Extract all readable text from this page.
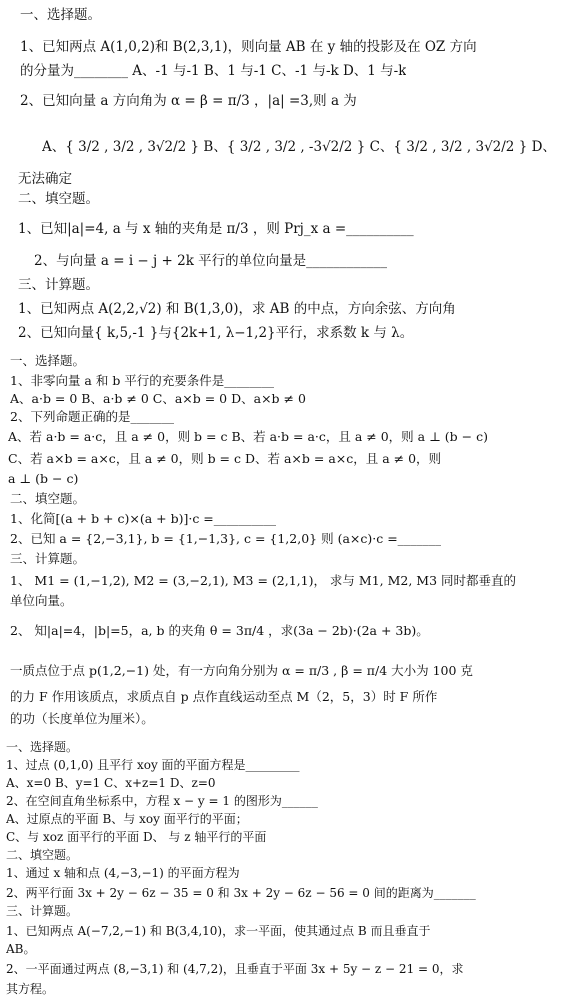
一、选择题。
1、已知两点 A(1,0,2)和 B(2,3,1)，则向量 AB 在 y 轴的投影及在 OZ 方向
的分量为________ A、-1 与-1 B、1 与-1 C、-1 与-k D、1 与-k
2、已知向量 a 方向角为 α = β = π/3 ，|a| =3,则 a 为
A、{ 3/2 , 3/2 , 3√2/2 } B、{ 3/2 , 3/2 , -3√2/2 } C、{ 3/2 , 3/2 , 3√2/2 } D、
无法确定
二、填空题。
1、已知|a|=4, a 与 x 轴的夹角是 π/3 ，则 Prj_x a =__________
2、与向量 a = i − j + 2k 平行的单位向量是____________
三、计算题。
1、已知两点 A(2,2,√2) 和 B(1,3,0)，求 AB 的中点，方向余弦、方向角
2、已知向量{ k,5,-1 }与{2k+1, λ−1,2}平行，求系数 k 与 λ。
一、选择题。
1、非零向量 a 和 b 平行的充要条件是________
A、a·b = 0 B、a·b ≠ 0 C、a×b = 0 D、a×b ≠ 0
2、下列命题正确的是_______
A、若 a·b = a·c，且 a ≠ 0，则 b = c B、若 a·b = a·c，且 a ≠ 0，则 a ⊥ (b − c)
C、若 a×b = a×c，且 a ≠ 0，则 b = c D、若 a×b = a×c，且 a ≠ 0，则
a ⊥ (b − c)
二、填空题。
1、化简[(a + b + c)×(a + b)]·c =__________
2、已知 a = {2,−3,1}, b = {1,−1,3}, c = {1,2,0} 则 (a×c)·c =_______
三、计算题。
1、 M1 = (1,−1,2), M2 = (3,−2,1), M3 = (2,1,1)， 求与 M1, M2, M3 同时都垂直的
单位向量。
2、 知|a|=4，|b|=5，a, b 的夹角 θ = 3π/4 ，求(3a − 2b)·(2a + 3b)。
一质点位于点 p(1,2,−1) 处，有一方向角分别为 α = π/3 , β = π/4 大小为 100 克
的力 F 作用该质点，求质点自 p 点作直线运动至点 M（2，5，3）时 F 所作
的功（长度单位为厘米）。
一、选择题。
1、过点 (0,1,0) 且平行 xoy 面的平面方程是_________
A、x=0 B、y=1 C、x+z=1 D、z=0
2、在空间直角坐标系中，方程 x − y = 1 的图形为______
A、过原点的平面 B、与 xoy 面平行的平面；
C、与 xoz 面平行的平面 D、 与 z 轴平行的平面
二、填空题。
1、通过 x 轴和点 (4,−3,−1) 的平面方程为
2、两平行面 3x + 2y − 6z − 35 = 0 和 3x + 2y − 6z − 56 = 0 间的距离为_______
三、计算题。
1、已知两点 A(−7,2,−1) 和 B(3,4,10)，求一平面，使其通过点 B 而且垂直于
AB。
2、一平面通过两点 (8,−3,1) 和 (4,7,2)，且垂直于平面 3x + 5y − z − 21 = 0，求
其方程。
